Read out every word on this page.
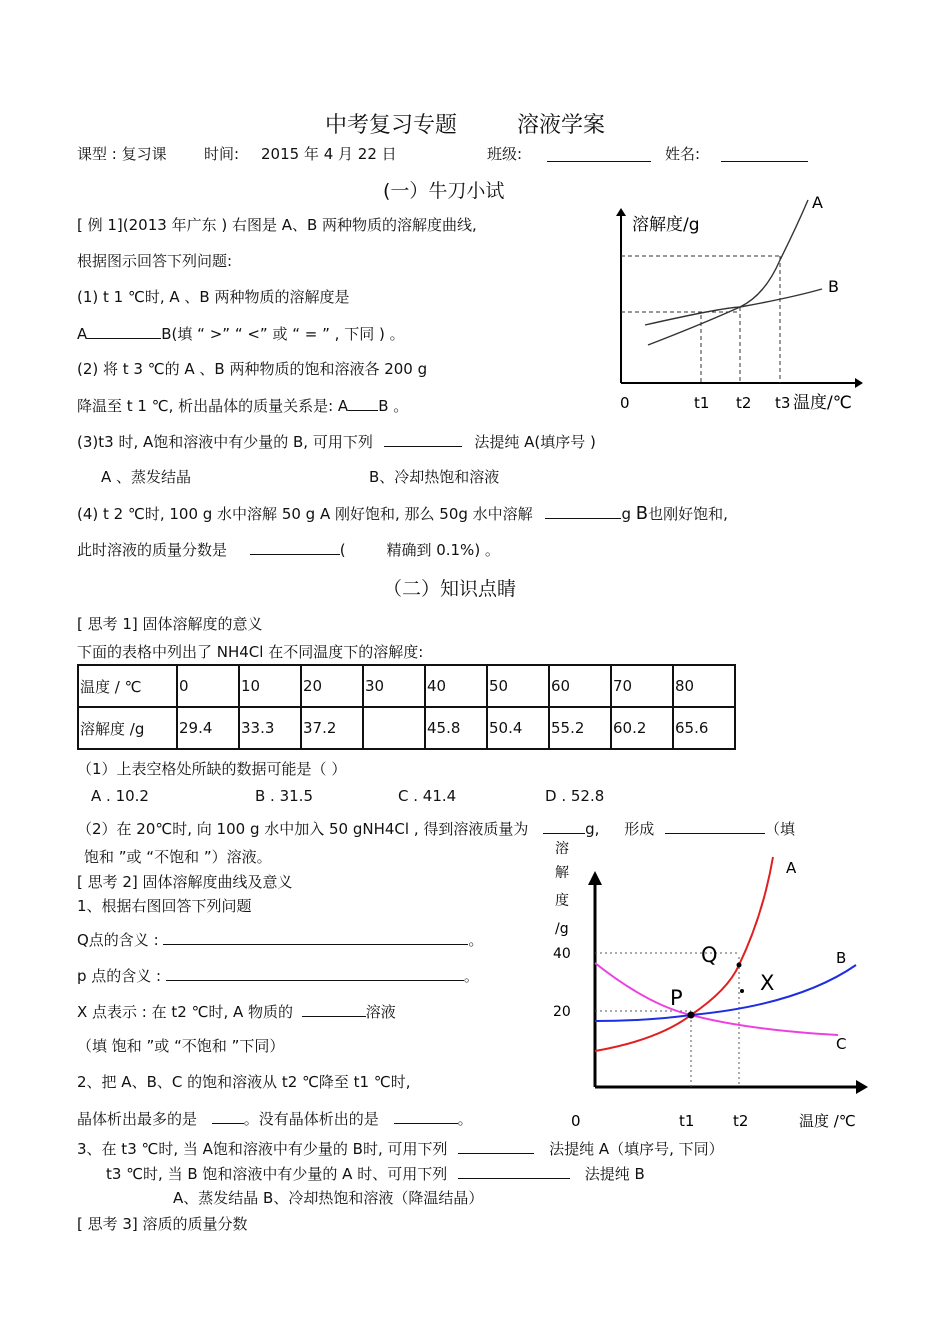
中考复习专题	溶液学案
课型 : 复习课 时间: 2015 年 4 月 22 日	班级:	姓名:
(一）牛刀小试
[ 例 1](2013 年广东 ) 右图是 A、B 两种物质的溶解度曲线,
根据图示回答下列问题:
(1) t 1 ℃时, A 、B 两种物质的溶解度是
A	B(填 “ >” “ <” 或 “ = ” , 下同 ) 。
(2) 将 t 3 ℃的 A 、B 两种物质的饱和溶液各 200 g
降温至 t 1 ℃, 析出晶体的质量关系是: A B 。
(3)t3 时, A饱和溶液中有少量的 B, 可用下列	法提纯 A(填序号 )
A 、蒸发结晶	B、冷却热饱和溶液
(4) t 2 ℃时, 100 g 水中溶解 50 g A 刚好饱和, 那么 50g 水中溶解	g B也刚好饱和,
此时溶液的质量分数是	(	精确到 0.1%) 。
溶解度/g
A
B
0	t1 t2 t3 温度/℃
（二）知识点睛
[ 思考 1] 固体溶解度的意义
下面的表格中列出了 NH4Cl 在不同温度下的溶解度:
温度 / ℃	0	10	20	30	40	50	60	70	80
溶解度 /g	29.4	33.3	37.2		45.8	50.4	55.2	60.2	65.6
（1）上表空格处所缺的数据可能是（ ）
A . 10.2	B . 31.5	C . 41.4	D . 52.8
（2）在 20℃时, 向 100 g 水中加入 50 gNH4Cl , 得到溶液质量为	g, 形成	（填
饱和 ”或 “不饱和 ”）溶液。
[ 思考 2] 固体溶解度曲线及意义
1、根据右图回答下列问题
Q点的含义 :	。
p 点的含义 :	。
X 点表示 : 在 t2 ℃时, A 物质的	溶液
（填 饱和 ”或 “不饱和 ”下同）
2、把 A、B、C 的饱和溶液从 t2 ℃降至 t1 ℃时,
晶体析出最多的是	。没有晶体析出的是	。
3、在 t3 ℃时, 当 A饱和溶液中有少量的 B时, 可用下列	法提纯 A（填序号, 下同）
t3 ℃时, 当 B 饱和溶液中有少量的 A 时、可用下列	法提纯 B
A、蒸发结晶 B、冷却热饱和溶液（降温结晶）
[ 思考 3] 溶质的质量分数
溶
解
度
/g
40
20
Q
P
X
A
B
C
0	t1	t2	温度 /℃
